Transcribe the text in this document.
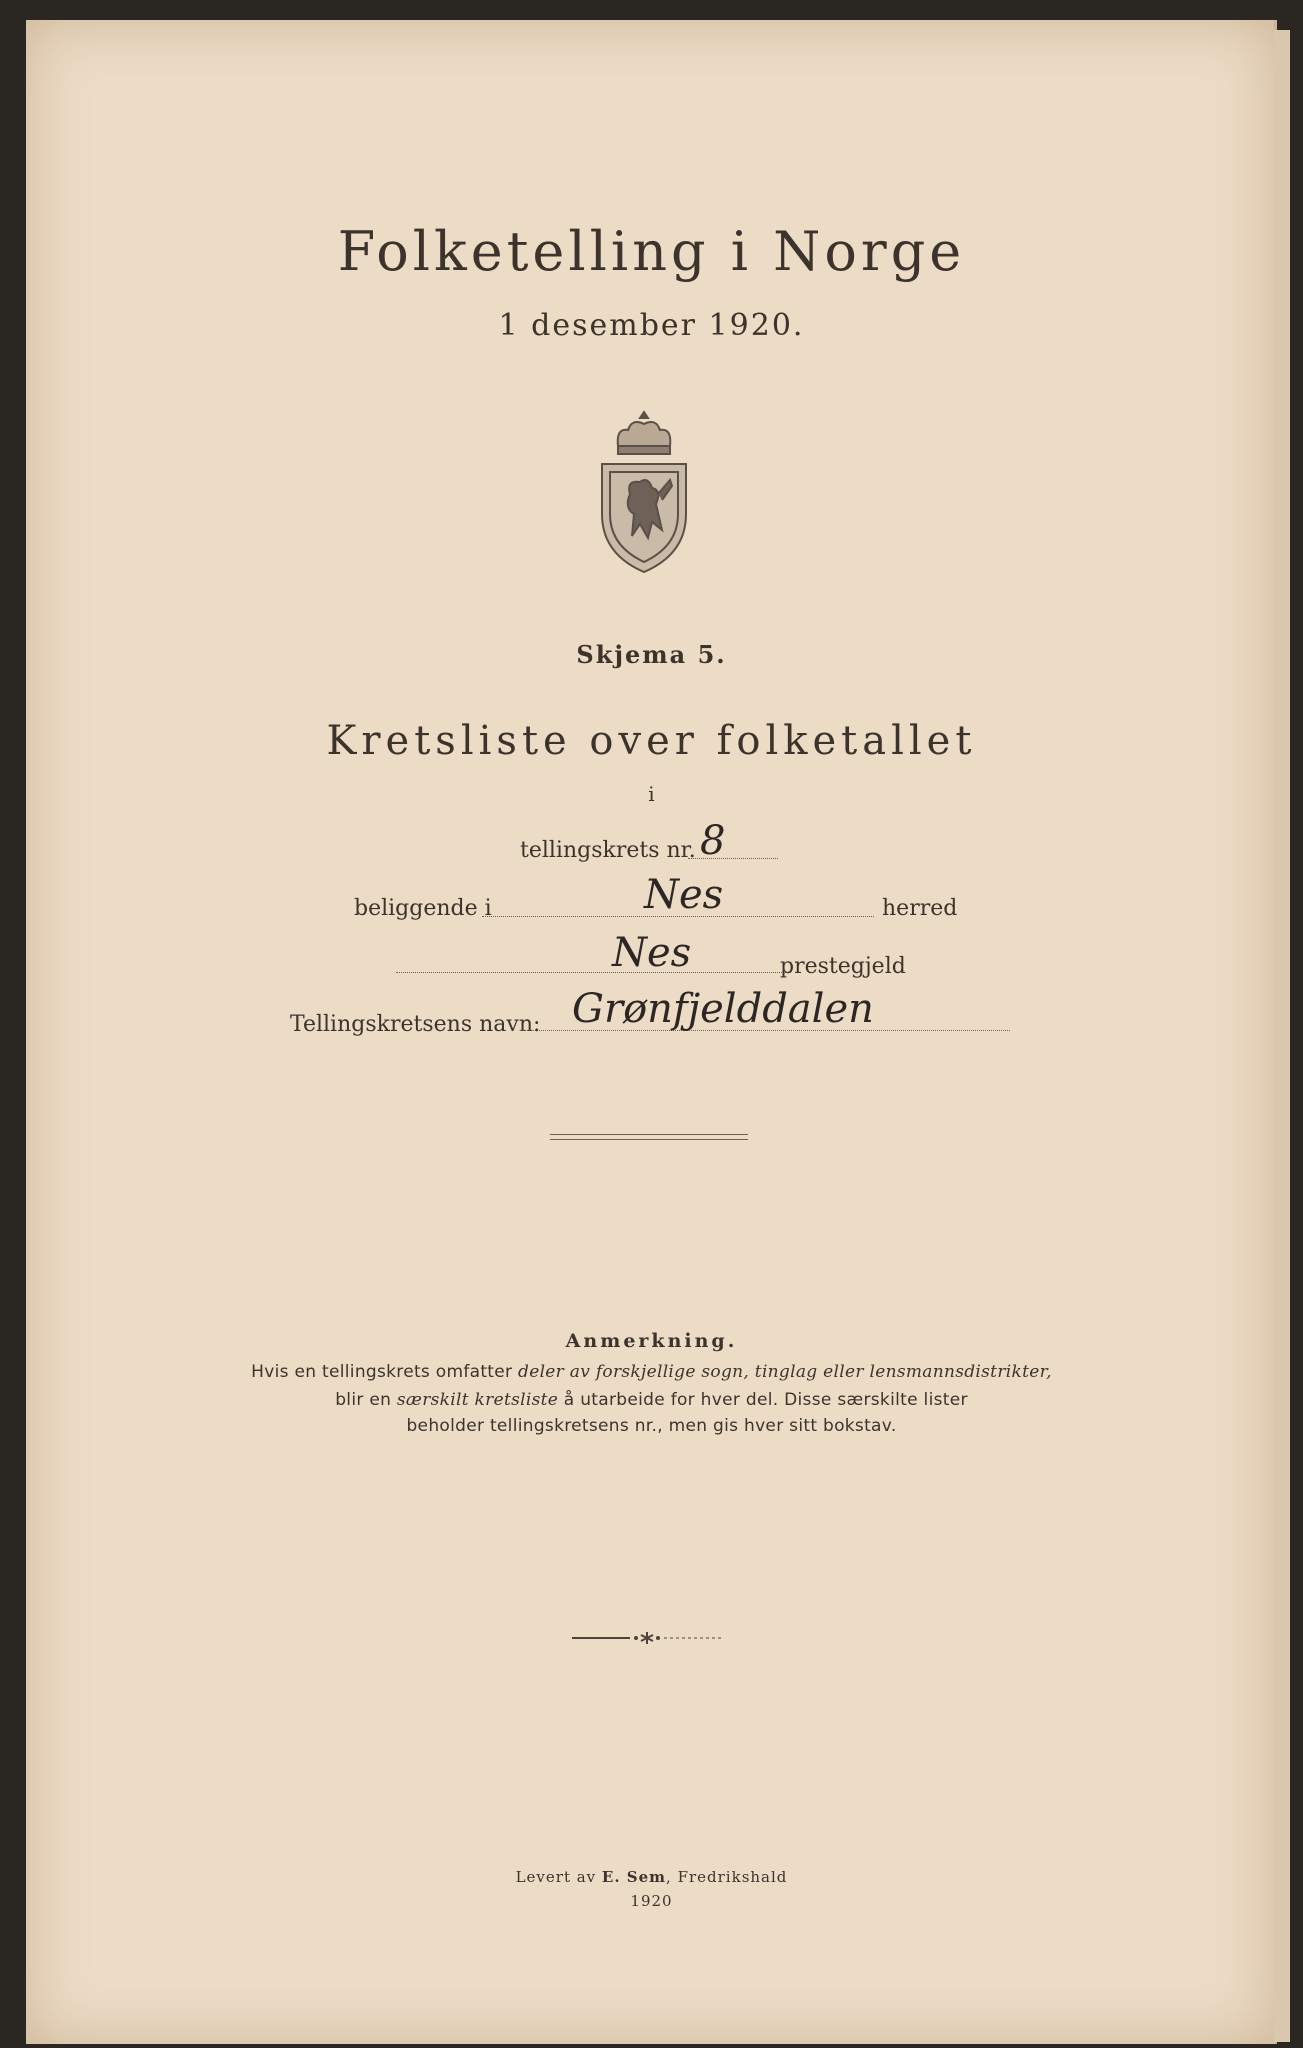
Folketelling i Norge
1 desember 1920.
Skjema 5.
Kretsliste over folketallet
i
tellingskrets nr. 8
beliggende i	Nes	herred
Nes	prestegjeld
Tellingskretsens navn: Grønfjelddalen
Anmerkning.
Hvis en tellingskrets omfatter deler av forskjellige sogn, tinglag eller lensmannsdistrikter,
blir en særskilt kretsliste å utarbeide for hver del. Disse særskilte lister
beholder tellingskretsens nr., men gis hver sitt bokstav.
Levert av E. Sem, Fredrikshald
1920
